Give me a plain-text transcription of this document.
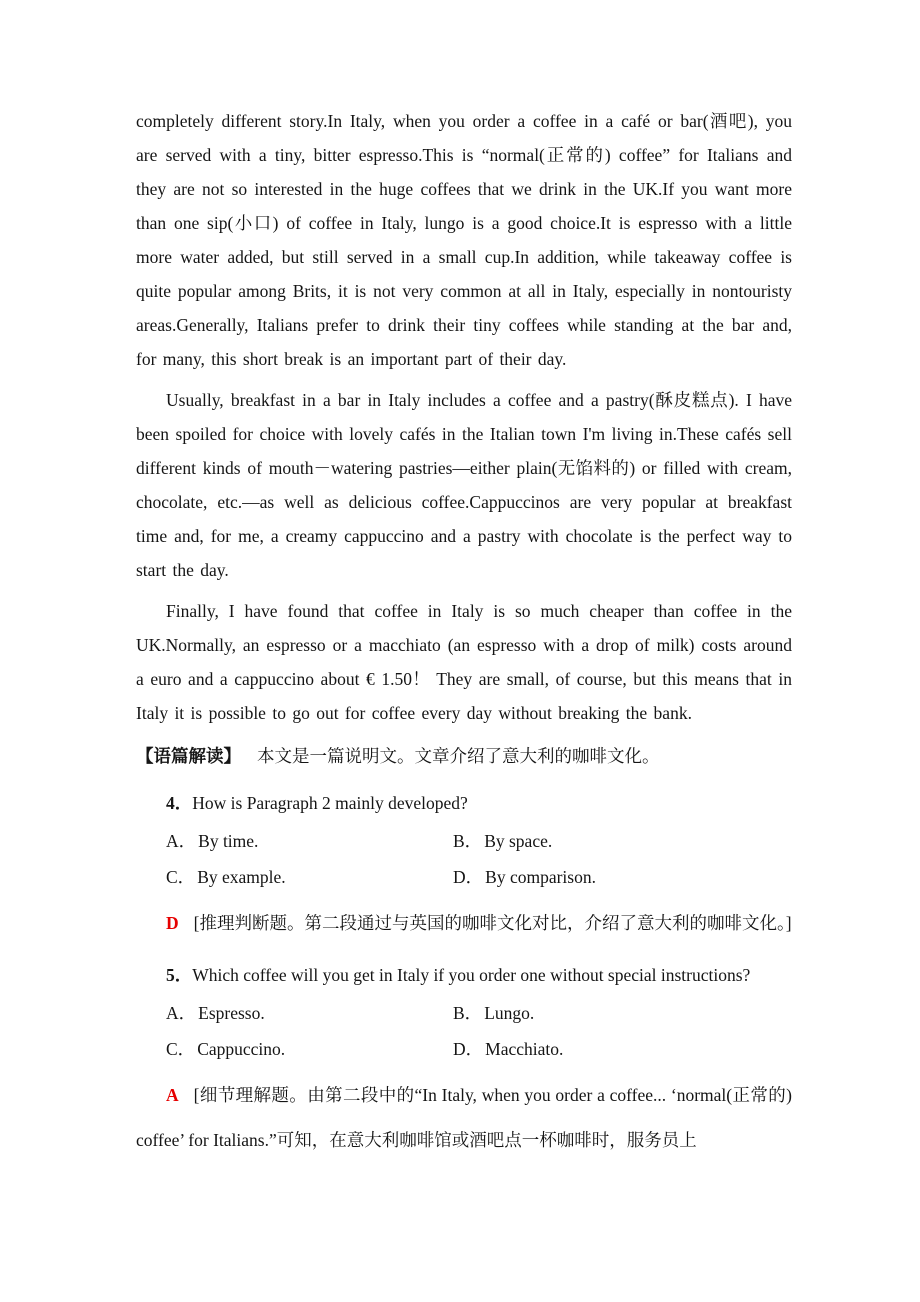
completely different story.In Italy, when you order a coffee in a café or bar(酒吧), you are served with a tiny, bitter espresso.This is “normal(正常的) coffee” for Italians and they are not so interested in the huge coffees that we drink in the UK.If you want more than one sip(小口) of coffee in Italy, lungo is a good choice.It is espresso with a little more water added, but still served in a small cup.In addition, while takeaway coffee is quite popular among Brits, it is not very common at all in Italy, especially in nontouristy areas.Generally, Italians prefer to drink their tiny coffees while standing at the bar and, for many, this short break is an important part of their day.

Usually, breakfast in a bar in Italy includes a coffee and a pastry(酥皮糕点). I have been spoiled for choice with lovely cafés in the Italian town I'm living in.These cafés sell different kinds of mouth－watering pastries—either plain(无馅料的) or filled with cream, chocolate, etc.—as well as delicious coffee.Cappuccinos are very popular at breakfast time and, for me, a creamy cappuccino and a pastry with chocolate is the perfect way to start the day.

Finally, I have found that coffee in Italy is so much cheaper than coffee in the UK.Normally, an espresso or a macchiato (an espresso with a drop of milk) costs around a euro and a cappuccino about € 1.50！ They are small, of course, but this means that in Italy it is possible to go out for coffee every day without breaking the bank.

【语篇解读】 本文是一篇说明文。文章介绍了意大利的咖啡文化。

4．How is Paragraph 2 mainly developed?

A． By time.	B． By space.
C． By example.	D． By comparison.

D [推理判断题。第二段通过与英国的咖啡文化对比，介绍了意大利的咖啡文化。]

5．Which coffee will you get in Italy if you order one without special instructions?

A． Espresso.	B． Lungo.
C． Cappuccino.	D． Macchiato.

A [细节理解题。由第二段中的“In Italy, when you order a coffee... ‘normal(正常的) coffee’ for Italians.”可知，在意大利咖啡馆或酒吧点一杯咖啡时，服务员上
